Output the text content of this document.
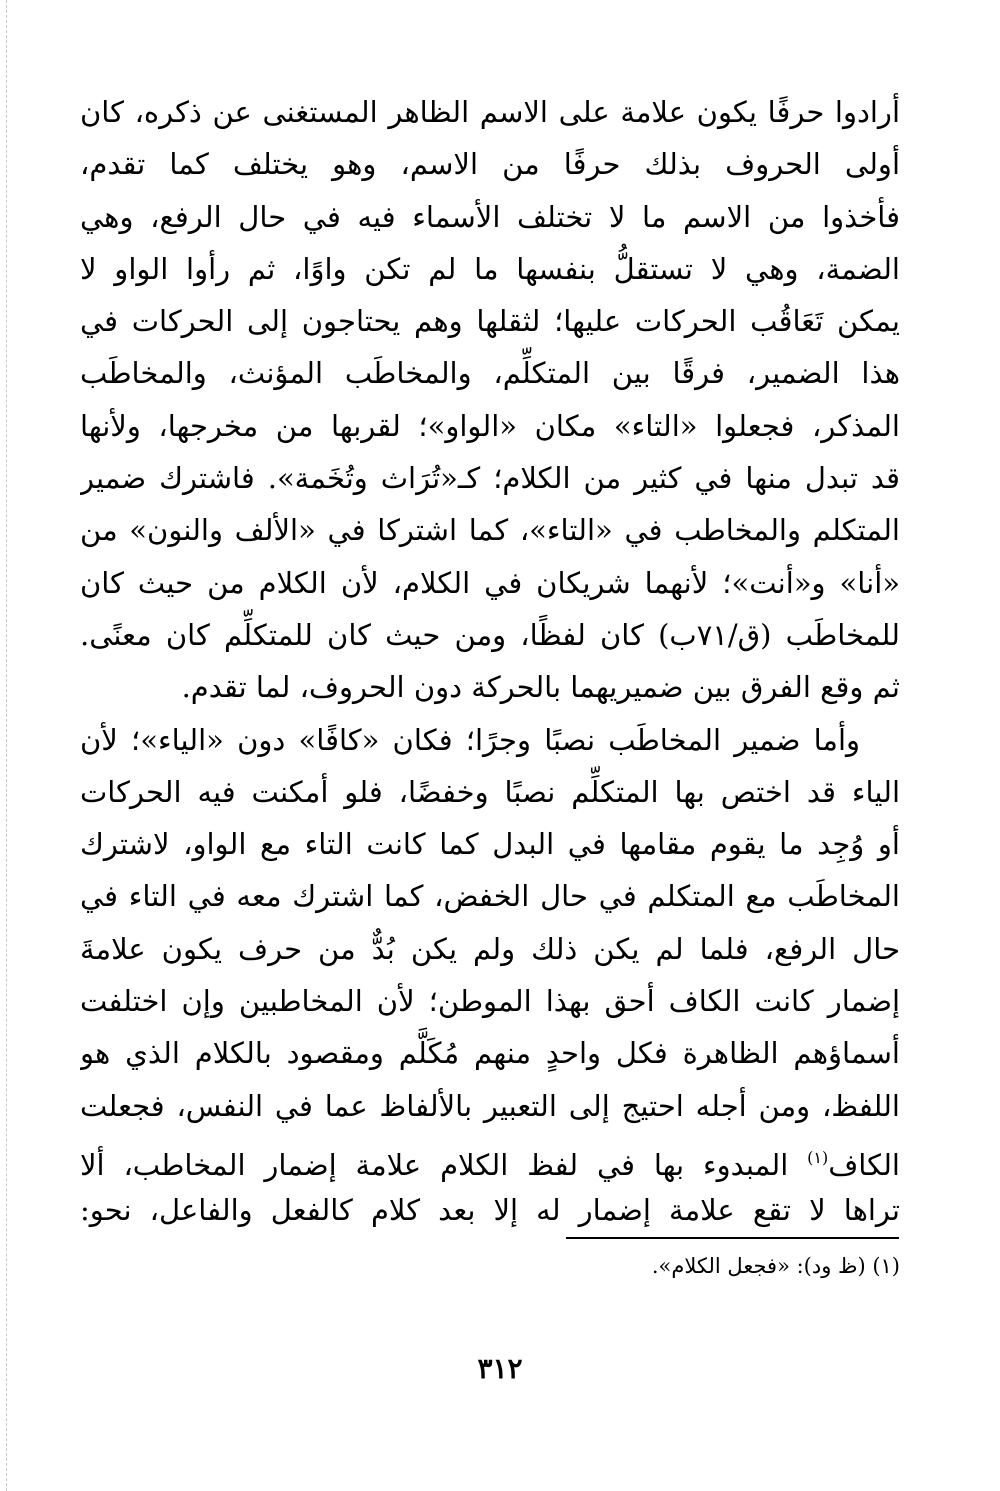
أرادوا حرفًا يكون علامة على الاسم الظاهر المستغنى عن ذكره، كان
أولى الحروف بذلك حرفًا من الاسم، وهو يختلف كما تقدم،
فأخذوا من الاسم ما لا تختلف الأسماء فيه في حال الرفع، وهي
الضمة، وهي لا تستقلُّ بنفسها ما لم تكن واوًا، ثم رأوا الواو لا
يمكن تَعَاقُب الحركات عليها؛ لثقلها وهم يحتاجون إلى الحركات في
هذا الضمير، فرقًا بين المتكلِّم، والمخاطَب المؤنث، والمخاطَب
المذكر، فجعلوا «التاء» مكان «الواو»؛ لقربها من مخرجها، ولأنها
قد تبدل منها في كثير من الكلام؛ كـ«تُرَاث وتُخَمة». فاشترك ضمير
المتكلم والمخاطب في «التاء»، كما اشتركا في «الألف والنون» من
«أنا» و«أنت»؛ لأنهما شريكان في الكلام، لأن الكلام من حيث كان
للمخاطَب (ق/٧١ب) كان لفظًا، ومن حيث كان للمتكلِّم كان معنًى.
ثم وقع الفرق بين ضميريهما بالحركة دون الحروف، لما تقدم.
وأما ضمير المخاطَب نصبًا وجرًا؛ فكان «كافًا» دون «الياء»؛ لأن
الياء قد اختص بها المتكلِّم نصبًا وخفضًا، فلو أمكنت فيه الحركات
أو وُجِد ما يقوم مقامها في البدل كما كانت التاء مع الواو، لاشترك
المخاطَب مع المتكلم في حال الخفض، كما اشترك معه في التاء في
حال الرفع، فلما لم يكن ذلك ولم يكن بُدٌّ من حرف يكون علامةَ
إضمار كانت الكاف أحق بهذا الموطن؛ لأن المخاطبين وإن اختلفت
أسماؤهم الظاهرة فكل واحدٍ منهم مُكَلَّم ومقصود بالكلام الذي هو
اللفظ، ومن أجله احتيج إلى التعبير بالألفاظ عما في النفس، فجعلت
الكاف$^{(١)}$ المبدوء بها في لفظ الكلام علامة إضمار المخاطب، ألا
تراها لا تقع علامة إضمار له إلا بعد كلام كالفعل والفاعل، نحو:
(١) (ظ ود): «فجعل الكلام».
٣١٢
